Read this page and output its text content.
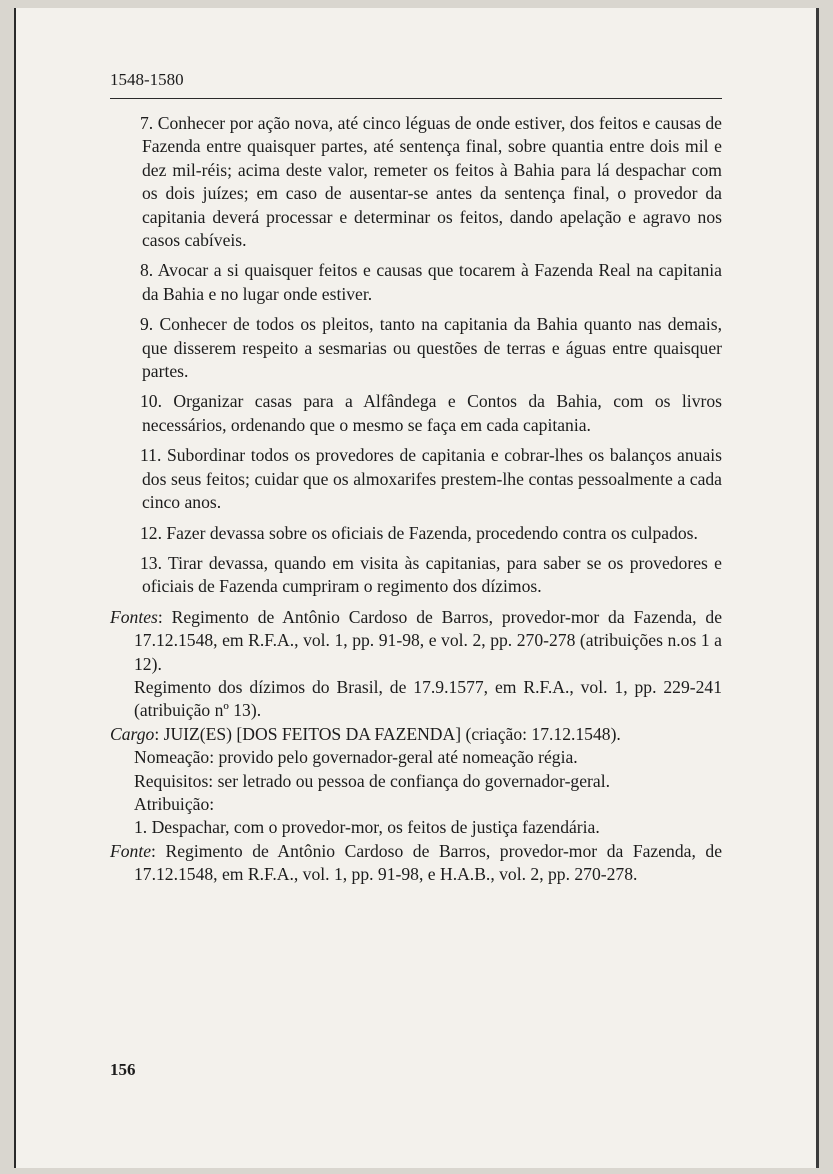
1548-1580
7. Conhecer por ação nova, até cinco léguas de onde estiver, dos feitos e causas de Fazenda entre quaisquer partes, até sentença final, sobre quantia entre dois mil e dez mil-réis; acima deste valor, remeter os feitos à Bahia para lá despachar com os dois juízes; em caso de ausentar-se antes da sentença final, o provedor da capitania deverá processar e determinar os feitos, dando apelação e agravo nos casos cabíveis.
8. Avocar a si quaisquer feitos e causas que tocarem à Fazenda Real na capitania da Bahia e no lugar onde estiver.
9. Conhecer de todos os pleitos, tanto na capitania da Bahia quanto nas demais, que disserem respeito a sesmarias ou questões de terras e águas entre quaisquer partes.
10. Organizar casas para a Alfândega e Contos da Bahia, com os livros necessários, ordenando que o mesmo se faça em cada capitania.
11. Subordinar todos os provedores de capitania e cobrar-lhes os balanços anuais dos seus feitos; cuidar que os almoxarifes prestem-lhe contas pessoalmente a cada cinco anos.
12. Fazer devassa sobre os oficiais de Fazenda, procedendo contra os culpados.
13. Tirar devassa, quando em visita às capitanias, para saber se os provedores e oficiais de Fazenda cumpriram o regimento dos dízimos.

Fontes: Regimento de Antônio Cardoso de Barros, provedor-mor da Fazenda, de 17.12.1548, em R.F.A., vol. 1, pp. 91-98, e vol. 2, pp. 270-278 (atribuições n.os 1 a 12).

Regimento dos dízimos do Brasil, de 17.9.1577, em R.F.A., vol. 1, pp. 229-241 (atribuição nº 13).

Cargo: JUIZ(ES) [DOS FEITOS DA FAZENDA] (criação: 17.12.1548).

Nomeação: provido pelo governador-geral até nomeação régia.

Requisitos: ser letrado ou pessoa de confiança do governador-geral.

Atribuição:

1. Despachar, com o provedor-mor, os feitos de justiça fazendária.

Fonte: Regimento de Antônio Cardoso de Barros, provedor-mor da Fazenda, de 17.12.1548, em R.F.A., vol. 1, pp. 91-98, e H.A.B., vol. 2, pp. 270-278.

156
